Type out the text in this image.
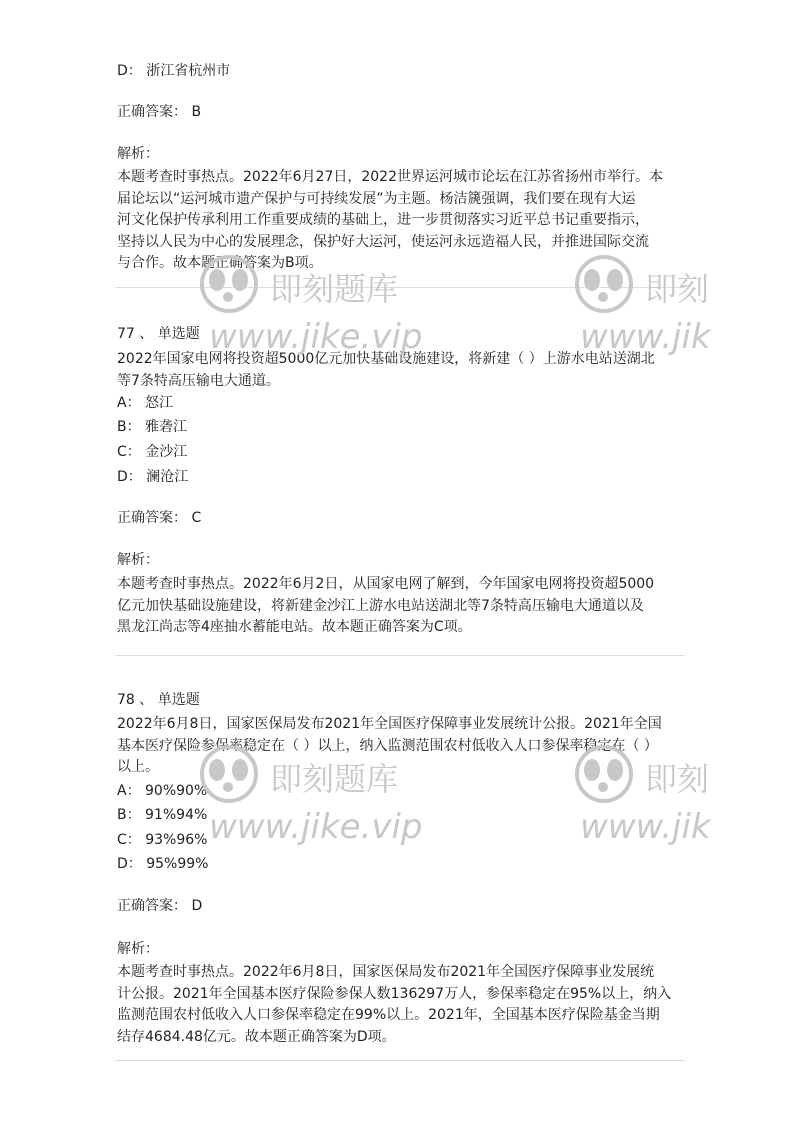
D： 浙江省杭州市
正确答案： B
解析：
本题考查时事热点。2022年6月27日，2022世界运河城市论坛在江苏省扬州市举行。本
届论坛以“运河城市遗产保护与可持续发展”为主题。杨洁篪强调，我们要在现有大运
河文化保护传承利用工作重要成绩的基础上，进一步贯彻落实习近平总书记重要指示，
坚持以人民为中心的发展理念，保护好大运河，使运河永远造福人民，并推进国际交流
与合作。故本题正确答案为B项。
77 、 单选题
2022年国家电网将投资超5000亿元加快基础设施建设，将新建（ ）上游水电站送湖北
等7条特高压输电大通道。
A： 怒江
B： 雅砻江
C： 金沙江
D： 澜沧江
正确答案： C
解析：
本题考查时事热点。2022年6月2日，从国家电网了解到，今年国家电网将投资超5000
亿元加快基础设施建设，将新建金沙江上游水电站送湖北等7条特高压输电大通道以及
黑龙江尚志等4座抽水蓄能电站。故本题正确答案为C项。
78 、 单选题
2022年6月8日，国家医保局发布2021年全国医疗保障事业发展统计公报。2021年全国
基本医疗保险参保率稳定在（ ）以上，纳入监测范围农村低收入人口参保率稳定在（ ）
以上。
A： 90%90%
B： 91%94%
C： 93%96%
D： 95%99%
正确答案： D
解析：
本题考查时事热点。2022年6月8日，国家医保局发布2021年全国医疗保障事业发展统
计公报。2021年全国基本医疗保险参保人数136297万人，参保率稳定在95%以上，纳入
监测范围农村低收入人口参保率稳定在99%以上。2021年，全国基本医疗保险基金当期
结存4684.48亿元。故本题正确答案为D项。
即刻题库
www.jike.vip
即刻题库
www.jike.vip
即刻
www.jik
即刻
www.jik
